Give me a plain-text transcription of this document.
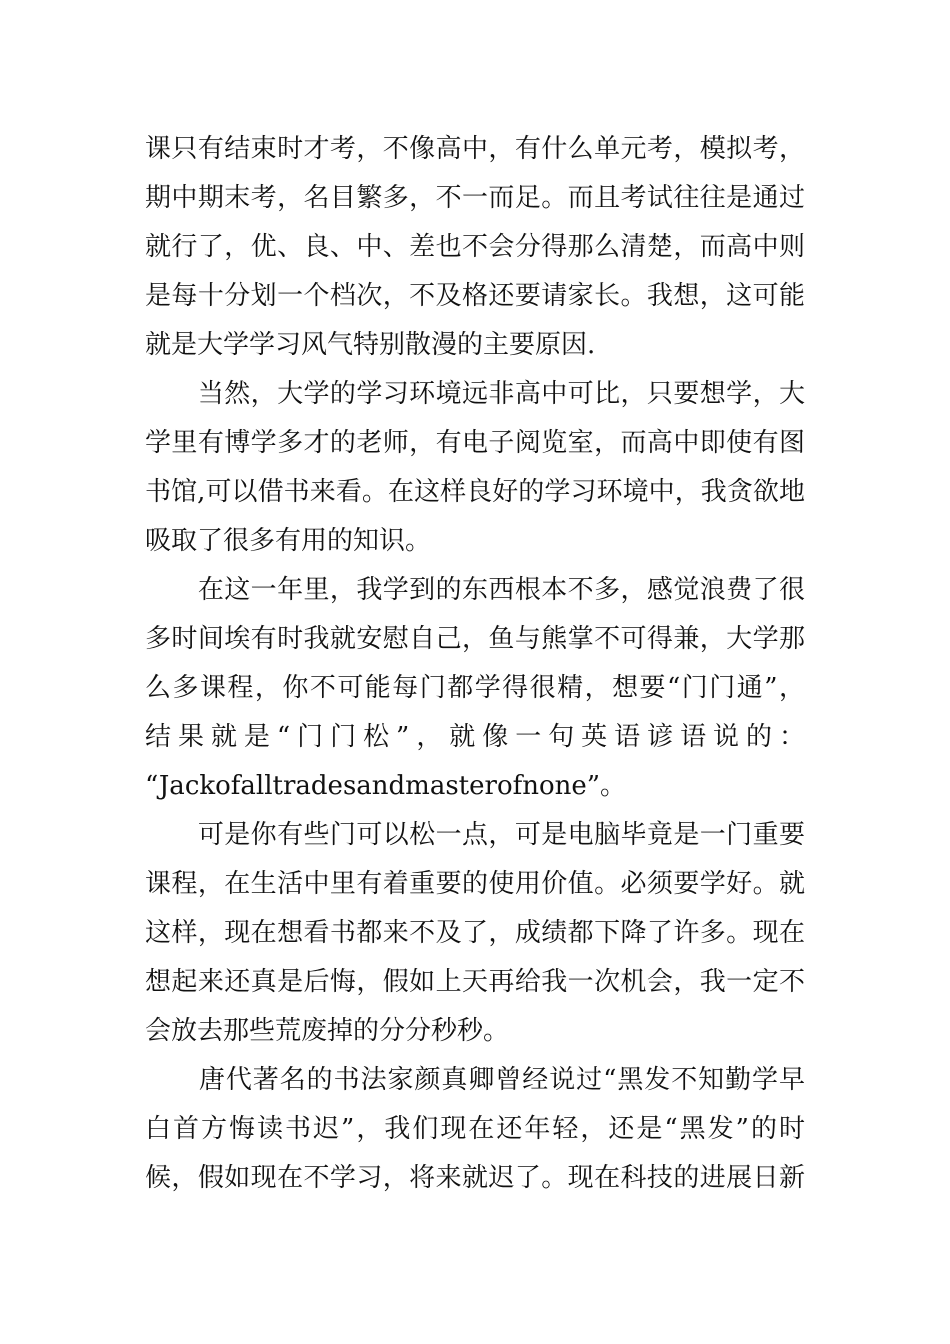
课只有结束时才考，不像高中，有什么单元考，模拟考，
期中期末考，名目繁多，不一而足。而且考试往往是通过
就行了，优、良、中、差也不会分得那么清楚，而高中则
是每十分划一个档次，不及格还要请家长。我想，这可能
就是大学学习风气特别散漫的主要原因.
　　当然，大学的学习环境远非高中可比，只要想学，大
学里有博学多才的老师，有电子阅览室，而高中即使有图
书馆,可以借书来看。在这样良好的学习环境中，我贪欲地
吸取了很多有用的知识。
　　在这一年里，我学到的东西根本不多，感觉浪费了很
多时间埃有时我就安慰自己，鱼与熊掌不可得兼，大学那
么多课程，你不可能每门都学得很精，想要“门门通”，
结果就是“门门松”，就像一句英语谚语说的：
“Jackofalltradesandmasterofnone”。
　　可是你有些门可以松一点，可是电脑毕竟是一门重要
课程，在生活中里有着重要的使用价值。必须要学好。就
这样，现在想看书都来不及了，成绩都下降了许多。现在
想起来还真是后悔，假如上天再给我一次机会，我一定不
会放去那些荒废掉的分分秒秒。
　　唐代著名的书法家颜真卿曾经说过“黑发不知勤学早
白首方悔读书迟”，我们现在还年轻，还是“黑发”的时
候，假如现在不学习，将来就迟了。现在科技的进展日新
